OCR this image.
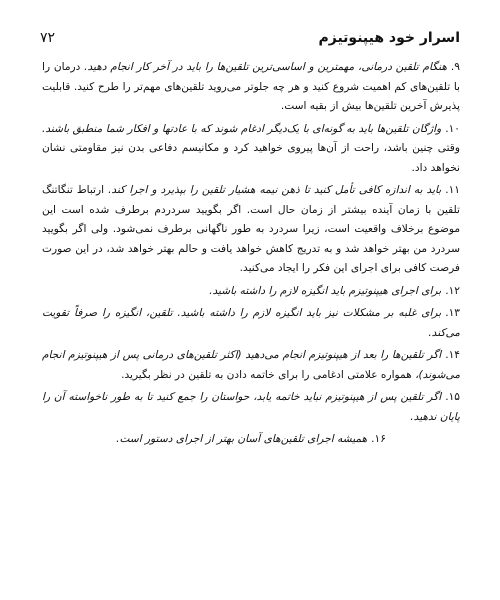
اسرار خود هیپنوتیزم
۷۲

۹.هنگام تلقین درمانی، مهمترین و اساسی‌ترین تلقین‌ها را باید در آخر کار انجام دهید. درمان را با تلقین‌های کم اهمیت شروع کنید و هر چه جلوتر می‌روید تلقین‌های مهم‌تر را طرح کنید. قابلیت پذیرش آخرین تلقین‌ها بیش از بقیه است.

۱۰.واژگان تلقین‌ها باید به گونه‌ای با یک‌دیگر ادغام شوند که با عادتها و افکار شما منطبق باشند. وقتی چنین باشد، راحت از آن‌ها پیروی خواهید کرد و مکانیسم دفاعی بدن نیز مقاومتی نشان نخواهد داد.

۱۱.باید به اندازه کافی تأمل کنید تا ذهن نیمه هشیار تلقین را بپذیرد و اجرا کند. ارتباط تنگاتنگ تلقین با زمان آینده بیشتر از زمان حال است. اگر بگویید سردردم برطرف شده است این موضوع برخلاف واقعیت است، زیرا سردرد به طور ناگهانی برطرف نمی‌شود. ولی اگر بگویید سردرد من بهتر خواهد شد و به تدریج کاهش خواهد یافت و حالم بهتر خواهد شد، در این صورت فرصت کافی برای اجرای این فکر را ایجاد می‌کنید.

۱۲.برای اجرای هیپنوتیزم باید انگیزه لازم را داشته باشید.

۱۳.برای غلبه بر مشکلات نیز باید انگیزه لازم را داشته باشید. تلقین، انگیزه را صرفاً تقویت می‌کند.

۱۴.اگر تلقین‌ها را بعد از هیپنوتیزم انجام می‌دهید (اکثر تلقین‌های درمانی پس از هیپنوتیزم انجام می‌شوند)، همواره علامتی ادغامی را برای خاتمه دادن به تلقین در نظر بگیرید.

۱۵.اگر تلقین پس از هیپنوتیزم نباید خاتمه یابد، حواستان را جمع کنید تا به طور ناخواسته آن را پایان ندهید.

۱۶.همیشه اجرای تلقین‌های آسان بهتر از اجرای دستور است.
